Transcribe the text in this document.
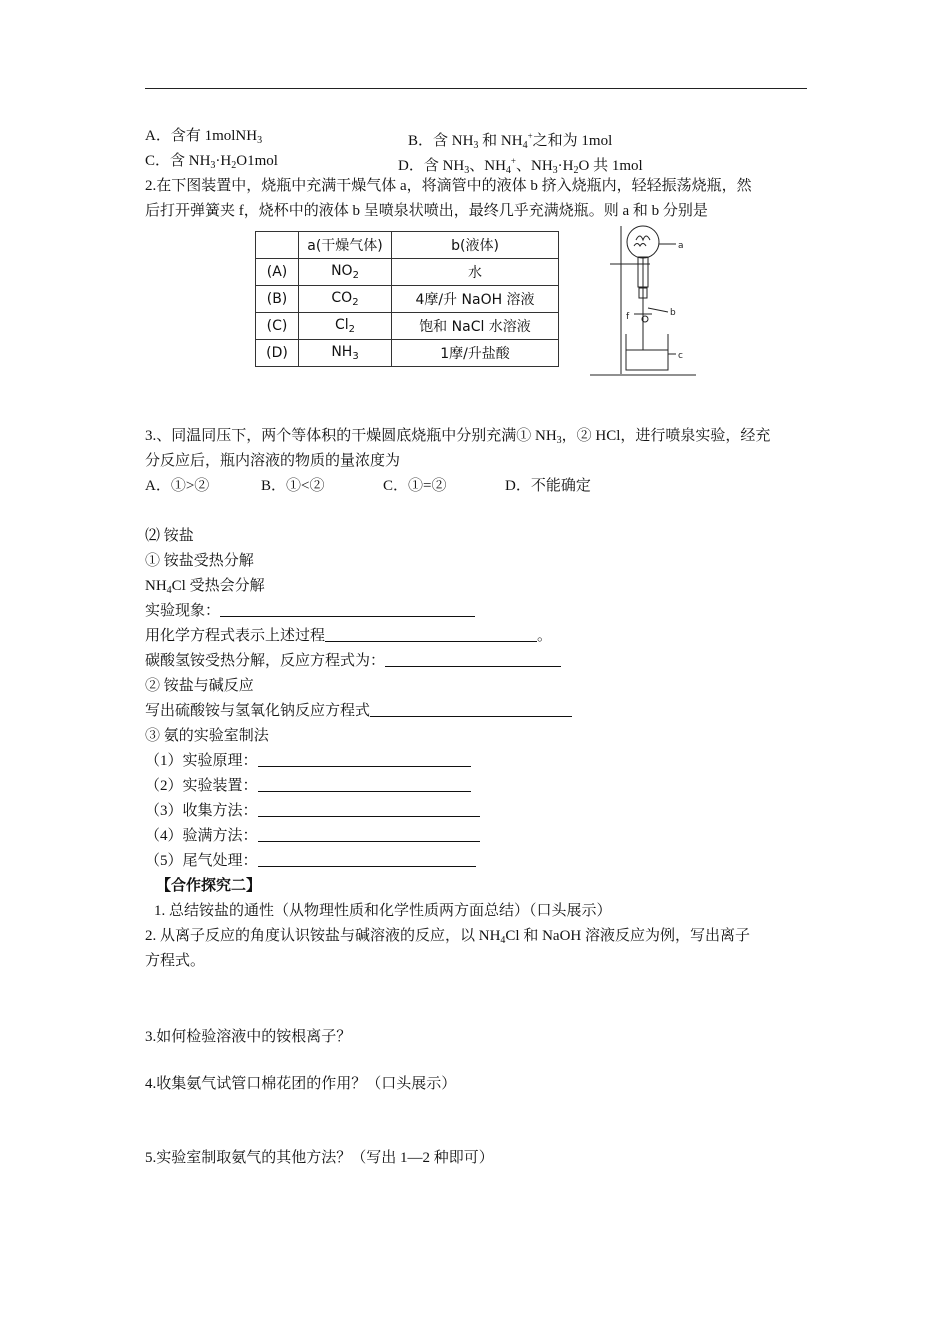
A．含有 1molNH$_3$	B．含 $NH_3$ 和 $NH_4^+$之和为 1mol
C．含 $NH_3\cdot H_2O1mol$	D．含 $NH_3$、$NH_4^+$、$NH_3\cdot H_2O$ 共 1mol
2.在下图装置中，烧瓶中充满干燥气体 a，将滴管中的液体 b 挤入烧瓶内，轻轻振荡烧瓶，然
后打开弹簧夹 f，烧杯中的液体 b 呈喷泉状喷出，最终几乎充满烧瓶。则 a 和 b 分别是
	a(干燥气体)	b(液体)
(A)	$NO_2$	水
(B)	$CO_2$	4摩/升 NaOH 溶液
(C)	$Cl_2$	饱和 NaCl 水溶液
(D)	$NH_3$	1摩/升盐酸
a
b
c
f
3.、同温同压下，两个等体积的干燥圆底烧瓶中分别充满① $NH_3$，② HCl，进行喷泉实验，经充
分反应后，瓶内溶液的物质的量浓度为
A．①>②	B．①<②	C．①=②	D．不能确定
⑵ 铵盐
① 铵盐受热分解
$NH_4Cl$ 受热会分解
实验现象：
用化学方程式表示上述过程	。
碳酸氢铵受热分解，反应方程式为：
② 铵盐与碱反应
写出硫酸铵与氢氧化钠反应方程式
③ 氨的实验室制法
（1）实验原理：
（2）实验装置：
（3）收集方法：
（4）验满方法：
（5）尾气处理：
【合作探究二】
1. 总结铵盐的通性（从物理性质和化学性质两方面总结）（口头展示）
2. 从离子反应的角度认识铵盐与碱溶液的反应，以 $NH_4Cl$ 和 NaOH 溶液反应为例，写出离子
方程式。
3.如何检验溶液中的铵根离子？
4.收集氨气试管口棉花团的作用？（口头展示）
5.实验室制取氨气的其他方法？（写出 1—2 种即可）
